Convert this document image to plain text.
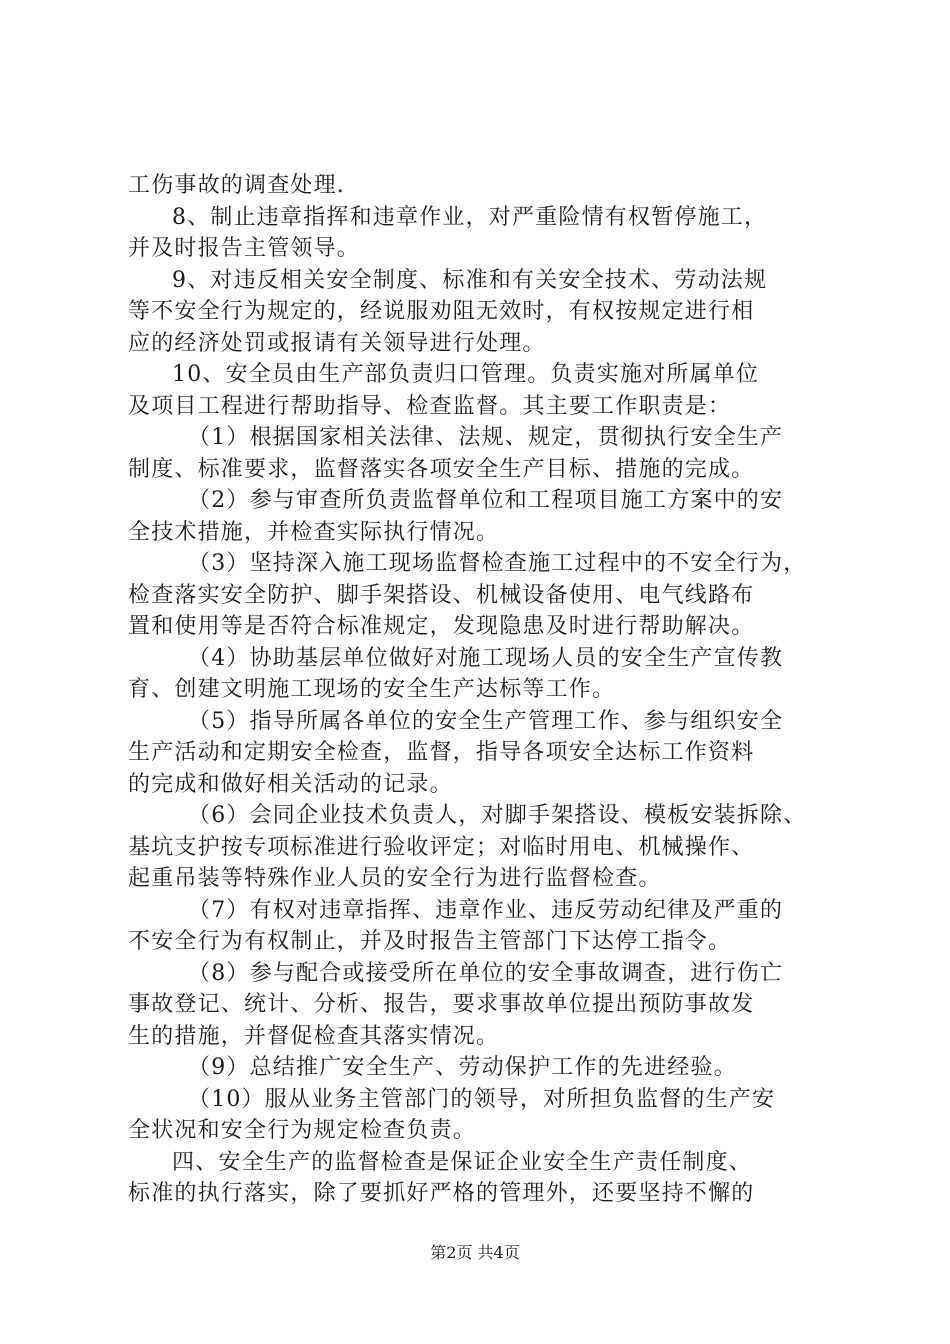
工伤事故的调查处理.
8、制止违章指挥和违章作业，对严重险情有权暂停施工，
并及时报告主管领导。
9、对违反相关安全制度、标准和有关安全技术、劳动法规
等不安全行为规定的，经说服劝阻无效时，有权按规定进行相
应的经济处罚或报请有关领导进行处理。
10、安全员由生产部负责归口管理。负责实施对所属单位
及项目工程进行帮助指导、检查监督。其主要工作职责是：
（1）根据国家相关法律、法规、规定，贯彻执行安全生产
制度、标准要求，监督落实各项安全生产目标、措施的完成。
（2）参与审查所负责监督单位和工程项目施工方案中的安
全技术措施，并检查实际执行情况。
（3）坚持深入施工现场监督检查施工过程中的不安全行为，
检查落实安全防护、脚手架搭设、机械设备使用、电气线路布
置和使用等是否符合标准规定，发现隐患及时进行帮助解决。
（4）协助基层单位做好对施工现场人员的安全生产宣传教
育、创建文明施工现场的安全生产达标等工作。
（5）指导所属各单位的安全生产管理工作、参与组织安全
生产活动和定期安全检查，监督，指导各项安全达标工作资料
的完成和做好相关活动的记录。
（6）会同企业技术负责人，对脚手架搭设、模板安装拆除、
基坑支护按专项标准进行验收评定；对临时用电、机械操作、
起重吊装等特殊作业人员的安全行为进行监督检查。
（7）有权对违章指挥、违章作业、违反劳动纪律及严重的
不安全行为有权制止，并及时报告主管部门下达停工指令。
（8）参与配合或接受所在单位的安全事故调查，进行伤亡
事故登记、统计、分析、报告，要求事故单位提出预防事故发
生的措施，并督促检查其落实情况。
（9）总结推广安全生产、劳动保护工作的先进经验。
（10）服从业务主管部门的领导，对所担负监督的生产安
全状况和安全行为规定检查负责。
四、安全生产的监督检查是保证企业安全生产责任制度、
标准的执行落实，除了要抓好严格的管理外，还要坚持不懈的
第2页 共4页
